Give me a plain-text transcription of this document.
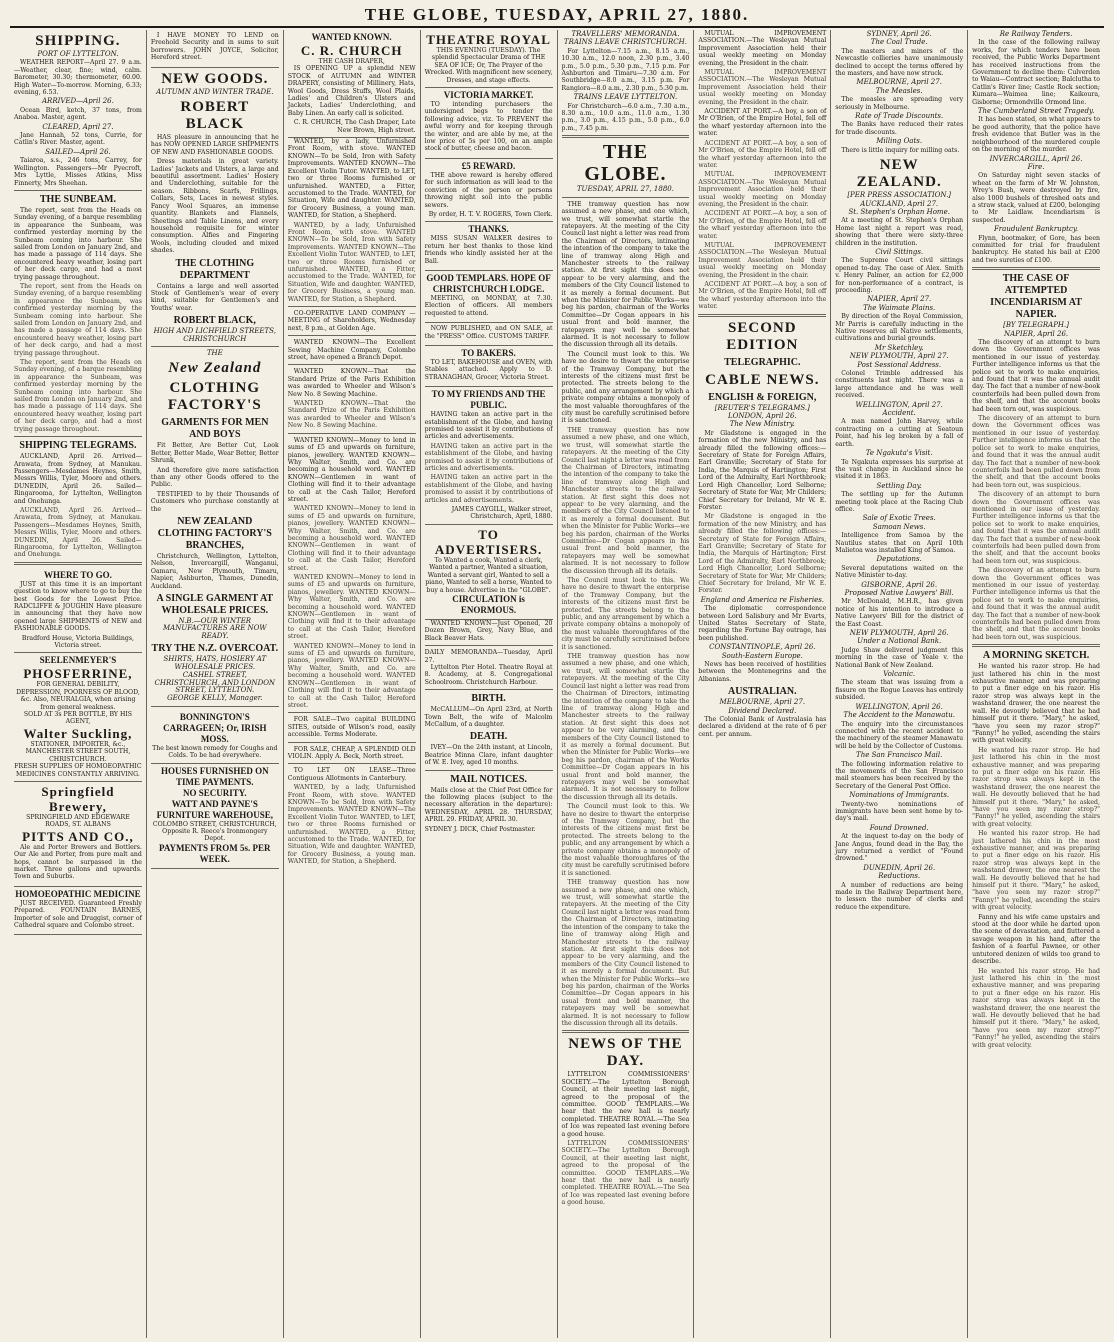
THE GLOBE, TUESDAY, APRIL 27, 1880.
SHIPPING.
PORT OF LYTTELTON.

WEATHER REPORT—April 27. 9 a.m.—Weather, clear, fine; wind, calm. Barometer, 30.30; thermometer, 60.00. High Water—To-morrow. Morning, 6.33; evening, 6.53.

ARRIVED—April 26.

Ocean Bird, ketch, 37 tons, from Anaboa. Master, agent.

CLEARED, April 27.

Jane Hannah, 52 tons, Currie, for Catlin's River. Master, agent.

SAILED—April 26.

Taiaroa, s.s., 246 tons, Carrey, for Wellington. Passengers—Mr Pyecroft, Mrs Lyttle, Misses Atkins, Miss Finnerty, Mrs Sheehan.

THE SUNBEAM.

The report, sent from the Heads on Sunday evening, of a barque resembling in appearance the Sunbeam, was confirmed yesterday morning by the Sunbeam coming into harbour. She sailed from London on January 2nd, and has made a passage of 114 days. She encountered heavy weather, losing part of her deck cargo, and had a most trying passage throughout.

The report, sent from the Heads on Sunday evening, of a barque resembling in appearance the Sunbeam, was confirmed yesterday morning by the Sunbeam coming into harbour. She sailed from London on January 2nd, and has made a passage of 114 days. She encountered heavy weather, losing part of her deck cargo, and had a most trying passage throughout.

The report, sent from the Heads on Sunday evening, of a barque resembling in appearance the Sunbeam, was confirmed yesterday morning by the Sunbeam coming into harbour. She sailed from London on January 2nd, and has made a passage of 114 days. She encountered heavy weather, losing part of her deck cargo, and had a most trying passage throughout.

SHIPPING TELEGRAMS.

AUCKLAND, April 26. Arrived—Arawata, from Sydney, at Manukau. Passengers—Mesdames Heynes, Smith, Messrs Willis, Tyler, Moore and others. DUNEDIN, April 26. Sailed—Ringarooma, for Lyttelton, Wellington and Onehunga.

AUCKLAND, April 26. Arrived—Arawata, from Sydney, at Manukau. Passengers—Mesdames Heynes, Smith, Messrs Willis, Tyler, Moore and others. DUNEDIN, April 26. Sailed—Ringarooma, for Lyttelton, Wellington and Onehunga.

WHERE TO GO.

JUST at this time it is an important question to know where to go to buy the best Goods for the Lowest Price. RADCLIFFE & JOUGHIN Have pleasure in announcing that they have now opened large SHIPMENTS of NEW and FASHIONABLE GOODS.

Bradford House, Victoria Buildings, Victoria street.
SEELENMEYER'S
PHOSFERRINE,
FOR GENERAL DEBILITY, DEPRESSION, POORNESS OF BLOOD, &c. Also, NEURALGIA, when arising from general weakness.
SOLD AT 3s PER BOTTLE, BY HIS AGENT,
Walter Suckling,
STATIONER, IMPORTER, &c., MANCHESTER STREET SOUTH, CHRISTCHURCH.
FRESH SUPPLIES OF HOMOEOPATHIC MEDICINES CONSTANTLY ARRIVING.
Springfield Brewery,
SPRINGFIELD AND EDGEWARE ROADS, ST. ALBANS
PITTS AND CO.,

Ale and Porter Brewers and Bottlers. Our Ale and Porter, from pure malt and hops, cannot be surpassed in the market. Three gallons and upwards. Town and Suburbs.

HOMOEOPATHIC MEDICINE

JUST RECEIVED. Guaranteed Freshly Prepared. FOUNTAIN BARNES, Importer of sole and Druggist, corner of Cathedral square and Colombo street.

I HAVE MONEY TO LEND on Freehold Security and in sums to suit borrowers. JOHN JOYCE, Solicitor, Hereford street.

NEW GOODS.
AUTUMN AND WINTER TRADE.
ROBERT BLACK

HAS pleasure in announcing that he has NOW OPENED LARGE SHIPMENTS OF NEW AND FASHIONABLE GOODS.

Dress materials in great variety. Ladies' Jackets and Ulsters, a large and beautiful assortment. Ladies' Hosiery and Underclothing, suitable for the season. Ribbons, Scarfs, Frillings, Collars, Sets, Laces in newest styles. Fancy Wool Squares, an immense quantity. Blankets and Flannels, Sheetings and Table Linens, and every household requisite for winter consumption. Alfies and Fingering Wools, including clouded and mixed shades.

THE CLOTHING DEPARTMENT

Contains a large and well assorted Stock of Gentlemen's wear of every kind, suitable for Gentlemen's and Youths' wear.

ROBERT BLACK,
HIGH AND LICHFIELD STREETS, CHRISTCHURCH
THE
New Zealand
CLOTHING FACTORY'S
GARMENTS FOR MEN AND BOYS

Fit Better, Are Better Cut, Look Better, Better Made, Wear Better, Better Shrunk,

And therefore give more satisfaction than any other Goods offered to the Public.

TESTIFIED to by their Thousands of Customers who purchase constantly at the

NEW ZEALAND CLOTHING FACTORY'S BRANCHES,

Christchurch, Wellington, Lyttelton, Nelson, Invercargill, Wanganui, Oamaru, New Plymouth, Timaru, Napier, Ashburton, Thames, Dunedin, Auckland.

A SINGLE GARMENT AT WHOLESALE PRICES.
N.B.—OUR WINTER MANUFACTURES ARE NOW READY.
TRY THE N.Z. OVERCOAT.
SHIRTS, HATS, HOSIERY AT WHOLESALE PRICES.
CASHEL STREET, CHRISTCHURCH, AND LONDON STREET, LYTTELTON.
GEORGE KELLY, Manager.
BONNINGTON'S CARRAGEEN; Or, IRISH MOSS.
The best known remedy for Coughs and Colds. To be had everywhere.
HOUSES FURNISHED ON TIME PAYMENTS.
NO SECURITY.
WATT AND PAYNE'S FURNITURE WAREHOUSE,
COLOMBO STREET, CHRISTCHURCH, Opposite R. Reece's Ironmongery Depot.
PAYMENTS FROM 5s. PER WEEK.
WANTED KNOWN.
C. R. CHURCH
THE CASH DRAPER,

IS OPENING UP a splendid NEW STOCK of AUTUMN and WINTER DRAPERY, consisting of Millinery, Hats, Wool Goods, Dress Stuffs, Wool Plaids, Ladies' and Children's Ulsters and Jackets, Ladies' Underclothing, and Baby Linen. An early call is solicited.

C. R. CHURCH, The Cash Draper, Late New Brown, High street.

WANTED, by a lady, Unfurnished Front Room, with stove. WANTED KNOWN—To be Sold, Iron with Safety Improvements. WANTED KNOWN—The Excellent Violin Tutor. WANTED, to LET, two or three Rooms furnished or unfurnished. WANTED, a Fitter, accustomed to the Trade. WANTED, for Situation, Wife and daughter. WANTED, for Grocery Business, a young man. WANTED, for Station, a Shepherd.

WANTED, by a lady, Unfurnished Front Room, with stove. WANTED KNOWN—To be Sold, Iron with Safety Improvements. WANTED KNOWN—The Excellent Violin Tutor. WANTED, to LET, two or three Rooms furnished or unfurnished. WANTED, a Fitter, accustomed to the Trade. WANTED, for Situation, Wife and daughter. WANTED, for Grocery Business, a young man. WANTED, for Station, a Shepherd.

CO-OPERATIVE LAND COMPANY — MEETING of Shareholders, Wednesday next, 8 p.m., at Golden Age.

WANTED KNOWN—The Excellent Sewing Machine Company, Colombo street, have opened a Branch Depot.

WANTED KNOWN—That the Standard Prize of the Paris Exhibition was awarded to Wheeler and Wilson's New No. 8 Sewing Machine.

WANTED KNOWN—That the Standard Prize of the Paris Exhibition was awarded to Wheeler and Wilson's New No. 8 Sewing Machine.

WANTED KNOWN—Money to lend in sums of £5 and upwards on furniture, pianos, jewellery. WANTED KNOWN—Why Walter, Smith, and Co. are becoming a household word. WANTED KNOWN—Gentlemen in want of Clothing will find it to their advantage to call at the Cash Tailor, Hereford street.

WANTED KNOWN—Money to lend in sums of £5 and upwards on furniture, pianos, jewellery. WANTED KNOWN—Why Walter, Smith, and Co. are becoming a household word. WANTED KNOWN—Gentlemen in want of Clothing will find it to their advantage to call at the Cash Tailor, Hereford street.

WANTED KNOWN—Money to lend in sums of £5 and upwards on furniture, pianos, jewellery. WANTED KNOWN—Why Walter, Smith, and Co. are becoming a household word. WANTED KNOWN—Gentlemen in want of Clothing will find it to their advantage to call at the Cash Tailor, Hereford street.

WANTED KNOWN—Money to lend in sums of £5 and upwards on furniture, pianos, jewellery. WANTED KNOWN—Why Walter, Smith, and Co. are becoming a household word. WANTED KNOWN—Gentlemen in want of Clothing will find it to their advantage to call at the Cash Tailor, Hereford street.

FOR SALE—Two capital BUILDING SITES, outside of Wilson's road, easily accessible. Terms Moderate.

FOR SALE, CHEAP, A SPLENDID OLD VIOLIN. Apply A. Beck, North street.

TO LET ON LEASE—Three Contiguous Allotments in Canterbury.

WANTED, by a lady, Unfurnished Front Room, with stove. WANTED KNOWN—To be Sold, Iron with Safety Improvements. WANTED KNOWN—The Excellent Violin Tutor. WANTED, to LET, two or three Rooms furnished or unfurnished. WANTED, a Fitter, accustomed to the Trade. WANTED, for Situation, Wife and daughter. WANTED, for Grocery Business, a young man. WANTED, for Station, a Shepherd.

THEATRE ROYAL
THIS EVENING (TUESDAY). The splendid Spectacular Drama of THE SEA OF ICE; Or, The Prayer of the Wrecked. With magnificent new scenery, Dresses, and stage effects.
VICTORIA MARKET.

TO intending purchasers the undersigned begs to tender the following advice, viz. To PREVENT the awful worry and for keeping through the winter, and are able by me, at the low price of 5s per 100, on an ample stock of butter, cheese and bacon.

£5 REWARD.

THE above reward is hereby offered for such information as will lead to the conviction of the person or persons throwing night soil into the public sewers.

By order, H. T. V. ROGERS, Town Clerk.
THANKS.

MISS SUSAN WALKER desires to return her best thanks to those kind friends who kindly assisted her at the Ball.

GOOD TEMPLARS. HOPE OF CHRISTCHURCH LODGE.

MEETING, on MONDAY, at 7.30. Election of officers. All members requested to attend.

NOW PUBLISHED, and ON SALE, at the "PRESS" Office. CUSTOMS TARIFF.

TO BAKERS.

TO LET, BAKEHOUSE and OVEN, with Stables attached. Apply to D. STRANAGHAN, Grocer, Victoria Street.

TO MY FRIENDS AND THE PUBLIC.

HAVING taken an active part in the establishment of the Globe, and having promised to assist it by contributions of articles and advertisements.

HAVING taken an active part in the establishment of the Globe, and having promised to assist it by contributions of articles and advertisements.

HAVING taken an active part in the establishment of the Globe, and having promised to assist it by contributions of articles and advertisements.

JAMES CAYGILL, Walker street, Christchurch, April, 1880.
TO ADVERTISERS.
To Wanted a cook, Wanted a clerk, Wanted a partner, Wanted a situation, Wanted a servant girl, Wanted to sell a piano, Wanted to sell a horse, Wanted to buy a house. Advertise in the "GLOBE".
CIRCULATION is ENORMOUS.

WANTED KNOWN—Just Opened, 20 Dozen Brown, Grey, Navy Blue, and Black Beaver Hats.

DAILY MEMORANDA—Tuesday, April 27.

Lyttelton Pier Hotel. Theatre Royal at 8. Academy, at 8. Congregational Schoolroom. Christchurch Harbour.

BIRTH.

McCALLUM—On April 23rd, at North Town Belt, the wife of Malcolm McCallum, of a daughter.

DEATH.

IVEY—On the 24th instant, at Lincoln, Beatrice Minna Clare, infant daughter of W. E. Ivey, aged 10 months.

MAIL NOTICES.

Mails close at the Chief Post Office for the following places (subject to the necessary alteration in the departure): WEDNESDAY, APRIL 28. THURSDAY, APRIL 29. FRIDAY, APRIL 30.

SYDNEY J. DICK, Chief Postmaster.
TRAVELLERS' MEMORANDA.
TRAINS LEAVE CHRISTCHURCH.

For Lyttelton—7.15 a.m., 8.15 a.m., 10.30 a.m., 12.0 noon, 2.30 p.m., 3.40 p.m., 5.0 p.m., 5.30 p.m., 7.15 p.m. For Ashburton and Timaru—7.30 a.m. For Southbridge—8.0 a.m., 3.15 p.m. For Rangiora—8.0 a.m., 2.30 p.m., 5.30 p.m.

TRAINS LEAVE LYTTELTON.

For Christchurch—6.0 a.m., 7.30 a.m., 8.30 a.m., 10.0 a.m., 11.0 a.m., 1.30 p.m., 3.0 p.m., 4.15 p.m., 5.0 p.m., 6.0 p.m., 7.45 p.m.

THE GLOBE.
TUESDAY, APRIL 27, 1880.

THE tramway question has now assumed a new phase, and one which, we trust, will somewhat startle the ratepayers. At the meeting of the City Council last night a letter was read from the Chairman of Directors, intimating the intention of the company to take the line of tramway along High and Manchester streets to the railway station. At first sight this does not appear to be very alarming, and the members of the City Council listened to it as merely a formal document. But when the Minister for Public Works—we beg his pardon, chairman of the Works Committee—Dr Cogan appears in his usual front and bold manner, the ratepayers may well be somewhat alarmed. It is not necessary to follow the discussion through all its details.

The Council must look to this. We have no desire to thwart the enterprise of the Tramway Company, but the interests of the citizens must first be protected. The streets belong to the public, and any arrangement by which a private company obtains a monopoly of the most valuable thoroughfares of the city must be carefully scrutinised before it is sanctioned.

THE tramway question has now assumed a new phase, and one which, we trust, will somewhat startle the ratepayers. At the meeting of the City Council last night a letter was read from the Chairman of Directors, intimating the intention of the company to take the line of tramway along High and Manchester streets to the railway station. At first sight this does not appear to be very alarming, and the members of the City Council listened to it as merely a formal document. But when the Minister for Public Works—we beg his pardon, chairman of the Works Committee—Dr Cogan appears in his usual front and bold manner, the ratepayers may well be somewhat alarmed. It is not necessary to follow the discussion through all its details.

The Council must look to this. We have no desire to thwart the enterprise of the Tramway Company, but the interests of the citizens must first be protected. The streets belong to the public, and any arrangement by which a private company obtains a monopoly of the most valuable thoroughfares of the city must be carefully scrutinised before it is sanctioned.

THE tramway question has now assumed a new phase, and one which, we trust, will somewhat startle the ratepayers. At the meeting of the City Council last night a letter was read from the Chairman of Directors, intimating the intention of the company to take the line of tramway along High and Manchester streets to the railway station. At first sight this does not appear to be very alarming, and the members of the City Council listened to it as merely a formal document. But when the Minister for Public Works—we beg his pardon, chairman of the Works Committee—Dr Cogan appears in his usual front and bold manner, the ratepayers may well be somewhat alarmed. It is not necessary to follow the discussion through all its details.

The Council must look to this. We have no desire to thwart the enterprise of the Tramway Company, but the interests of the citizens must first be protected. The streets belong to the public, and any arrangement by which a private company obtains a monopoly of the most valuable thoroughfares of the city must be carefully scrutinised before it is sanctioned.

THE tramway question has now assumed a new phase, and one which, we trust, will somewhat startle the ratepayers. At the meeting of the City Council last night a letter was read from the Chairman of Directors, intimating the intention of the company to take the line of tramway along High and Manchester streets to the railway station. At first sight this does not appear to be very alarming, and the members of the City Council listened to it as merely a formal document. But when the Minister for Public Works—we beg his pardon, chairman of the Works Committee—Dr Cogan appears in his usual front and bold manner, the ratepayers may well be somewhat alarmed. It is not necessary to follow the discussion through all its details.

NEWS OF THE DAY.

LYTTELTON COMMISSIONERS' SOCIETY.—The Lyttelton Borough Council, at their meeting last night, agreed to the proposal of the committee. GOOD TEMPLARS.—We hear that the new hall is nearly completed. THEATRE ROYAL.—The Sea of Ice was repeated last evening before a good house.

LYTTELTON COMMISSIONERS' SOCIETY.—The Lyttelton Borough Council, at their meeting last night, agreed to the proposal of the committee. GOOD TEMPLARS.—We hear that the new hall is nearly completed. THEATRE ROYAL.—The Sea of Ice was repeated last evening before a good house.

MUTUAL IMPROVEMENT ASSOCIATION.—The Wesleyan Mutual Improvement Association held their usual weekly meeting on Monday evening, the President in the chair.

MUTUAL IMPROVEMENT ASSOCIATION.—The Wesleyan Mutual Improvement Association held their usual weekly meeting on Monday evening, the President in the chair.

ACCIDENT AT PORT.—A boy, a son of Mr O'Brien, of the Empire Hotel, fell off the wharf yesterday afternoon into the water.

ACCIDENT AT PORT.—A boy, a son of Mr O'Brien, of the Empire Hotel, fell off the wharf yesterday afternoon into the water.

MUTUAL IMPROVEMENT ASSOCIATION.—The Wesleyan Mutual Improvement Association held their usual weekly meeting on Monday evening, the President in the chair.

ACCIDENT AT PORT.—A boy, a son of Mr O'Brien, of the Empire Hotel, fell off the wharf yesterday afternoon into the water.

MUTUAL IMPROVEMENT ASSOCIATION.—The Wesleyan Mutual Improvement Association held their usual weekly meeting on Monday evening, the President in the chair.

ACCIDENT AT PORT.—A boy, a son of Mr O'Brien, of the Empire Hotel, fell off the wharf yesterday afternoon into the water.

SECOND EDITION
TELEGRAPHIC.
CABLE NEWS.
ENGLISH & FOREIGN,
[REUTER'S TELEGRAMS.]
LONDON, April 26.
The New Ministry.

Mr Gladstone is engaged in the formation of the new Ministry, and has already filled the following offices:—Secretary of State for Foreign Affairs, Earl Granville; Secretary of State for India, the Marquis of Hartington; First Lord of the Admiralty, Earl Northbrook; Lord High Chancellor, Lord Selborne; Secretary of State for War, Mr Childers; Chief Secretary for Ireland, Mr W. E. Forster.

Mr Gladstone is engaged in the formation of the new Ministry, and has already filled the following offices:—Secretary of State for Foreign Affairs, Earl Granville; Secretary of State for India, the Marquis of Hartington; First Lord of the Admiralty, Earl Northbrook; Lord High Chancellor, Lord Selborne; Secretary of State for War, Mr Childers; Chief Secretary for Ireland, Mr W. E. Forster.

England and America re Fisheries.

The diplomatic correspondence between Lord Salisbury and Mr Evarts, United States Secretary of State, regarding the Fortune Bay outrage, has been published.

CONSTANTINOPLE, April 26.
South-Eastern Europe.

News has been received of hostilities between the Montenegrins and the Albanians.

AUSTRALIAN.
MELBOURNE, April 27.
Dividend Declared.

The Colonial Bank of Australasia has declared a dividend at the rate of 6 per cent. per annum.

SYDNEY, April 26.
The Coal Trade.

The masters and miners of the Newcastle collieries have unanimously declined to accept the terms offered by the masters, and have now struck.

MELBOURNE, April 27.
The Measles.

The measles are spreading very seriously in Melbourne.

Rate of Trade Discounts.

The Banks have reduced their rates for trade discounts.

Milling Oats.

There is little inquiry for milling oats.

NEW ZEALAND.
[PER PRESS ASSOCIATION.]
AUCKLAND, April 27.
St. Stephen's Orphan Home.

At a meeting of St. Stephen's Orphan Home last night a report was read, showing that there were sixty-three children in the institution.

Civil Sittings.

The Supreme Court civil sittings opened to-day. The case of Alex. Smith v. Henry Palmer, an action for £2,000 for non-performance of a contract, is proceeding.

NAPIER, April 27.
The Waimate Plains.

By direction of the Royal Commission, Mr Parris is carefully inducting in the Native reserves all Native settlements, cultivations and burial grounds.

Mr Sketchley.
NEW PLYMOUTH, April 27.
Post Sessional Address.

Colonel Trimble addressed his constituents last night. There was a large attendance and he was well received.

WELLINGTON, April 27.
Accident.

A man named John Harvey, while contracting on a cutting at Seatoun Point, had his leg broken by a fall of earth.

Te Ngakuta's Visit.

Te Ngakuta expresses his surprise at the vast change in Auckland since he visited it in 1863.

Settling Day.

The settling up for the Autumn meeting took place at the Racing Club office.

Sale of Exotic Trees.
Samoan News.

Intelligence from Samoa by the Nautilus states that on April 10th Malietoa was installed King of Samoa.

Deputations.

Several deputations waited on the Native Minister to-day.

GISBORNE, April 26.
Proposed Native Lawyers' Bill.

Mr McDonald, M.H.R., has given notice of his intention to introduce a Native Lawyers' Bill for the district of the East Coast.

NEW PLYMOUTH, April 26.
Under a National Bank.

Judge Shaw delivered judgment this morning in the case of Yeale v. the National Bank of New Zealand.

Volcanic.

The steam that was issuing from a fissure on the Rogue Leaves has entirely subsided.

WELLINGTON, April 26.
The Accident to the Manawatu.

The enquiry into the circumstances connected with the recent accident to the machinery of the steamer Manawatu will be held by the Collector of Customs.

The San Francisco Mail.

The following information relative to the movements of the San Francisco mail steamers has been received by the Secretary of the General Post Office.

Nominations of Immigrants.

Twenty-two nominations of immigrants have been sent home by to-day's mail.

Found Drowned.

At the inquest to-day on the body of Jane Angus, found dead in the Bay, the jury returned a verdict of "Found drowned."

DUNEDIN, April 26.
Reductions.

A number of reductions are being made in the Railway Department here, to lessen the number of clerks and reduce the expenditure.

Re Railway Tenders.

In the case of the following railway works, for which tenders have been received, the Public Works Department has received instructions from the Government to decline them: Culverden to Waiau—Contract section; Balclutha to Catlin's River line; Castle Rock section; Kumara—Waimea line; Kaikoura, Gisborne; Ormondville Ormond line.

The Cumberland Street Tragedy.

It has been stated, on what appears to be good authority, that the police have fresh evidence that Butler was in the neighbourhood of the murdered couple on the morning of the murder.

INVERCARGILL, April 26.
Fire.

On Saturday night seven stacks of wheat on the farm of Mr W. Johnston, Wrey's Bush, were destroyed by fire, also 1000 bushels of threshed oats and a straw stack, valued at £200, belonging to Mr Laidlaw. Incendiarism is suspected.

Fraudulent Bankruptcy.

Flynn, bootmaker, of Gore, has been committed for trial for fraudulent bankruptcy. He stated his bail at £200 and two sureties of £100.

THE CASE OF ATTEMPTED INCENDIARISM AT NAPIER.
[BY TELEGRAPH.]
NAPIER, April 26.

The discovery of an attempt to burn down the Government offices was mentioned in our issue of yesterday. Further intelligence informs us that the police set to work to make enquiries, and found that it was the annual audit day. The fact that a number of new-book counterfoils had been pulled down from the shelf, and that the account books had been torn out, was suspicious.

The discovery of an attempt to burn down the Government offices was mentioned in our issue of yesterday. Further intelligence informs us that the police set to work to make enquiries, and found that it was the annual audit day. The fact that a number of new-book counterfoils had been pulled down from the shelf, and that the account books had been torn out, was suspicious.

The discovery of an attempt to burn down the Government offices was mentioned in our issue of yesterday. Further intelligence informs us that the police set to work to make enquiries, and found that it was the annual audit day. The fact that a number of new-book counterfoils had been pulled down from the shelf, and that the account books had been torn out, was suspicious.

The discovery of an attempt to burn down the Government offices was mentioned in our issue of yesterday. Further intelligence informs us that the police set to work to make enquiries, and found that it was the annual audit day. The fact that a number of new-book counterfoils had been pulled down from the shelf, and that the account books had been torn out, was suspicious.

A MORNING SKETCH.

He wanted his razor strop. He had just lathered his chin in the most exhaustive manner, and was preparing to put a finer edge on his razor. His razor strop was always kept in the washstand drawer, the one nearest the wall. He devoutly believed that he had himself put it there. "Mary," he asked, "have you seen my razor strop?" "Fanny!" he yelled, ascending the stairs with great velocity.

He wanted his razor strop. He had just lathered his chin in the most exhaustive manner, and was preparing to put a finer edge on his razor. His razor strop was always kept in the washstand drawer, the one nearest the wall. He devoutly believed that he had himself put it there. "Mary," he asked, "have you seen my razor strop?" "Fanny!" he yelled, ascending the stairs with great velocity.

He wanted his razor strop. He had just lathered his chin in the most exhaustive manner, and was preparing to put a finer edge on his razor. His razor strop was always kept in the washstand drawer, the one nearest the wall. He devoutly believed that he had himself put it there. "Mary," he asked, "have you seen my razor strop?" "Fanny!" he yelled, ascending the stairs with great velocity.

Fanny and his wife came upstairs and stood at the door while he darted upon the scene of devastation, and fluttered a savage weapon in his hand, after the fashion of a fearful Pawnee, or other untutored denizen of wilds too grand to describe.

He wanted his razor strop. He had just lathered his chin in the most exhaustive manner, and was preparing to put a finer edge on his razor. His razor strop was always kept in the washstand drawer, the one nearest the wall. He devoutly believed that he had himself put it there. "Mary," he asked, "have you seen my razor strop?" "Fanny!" he yelled, ascending the stairs with great velocity.
